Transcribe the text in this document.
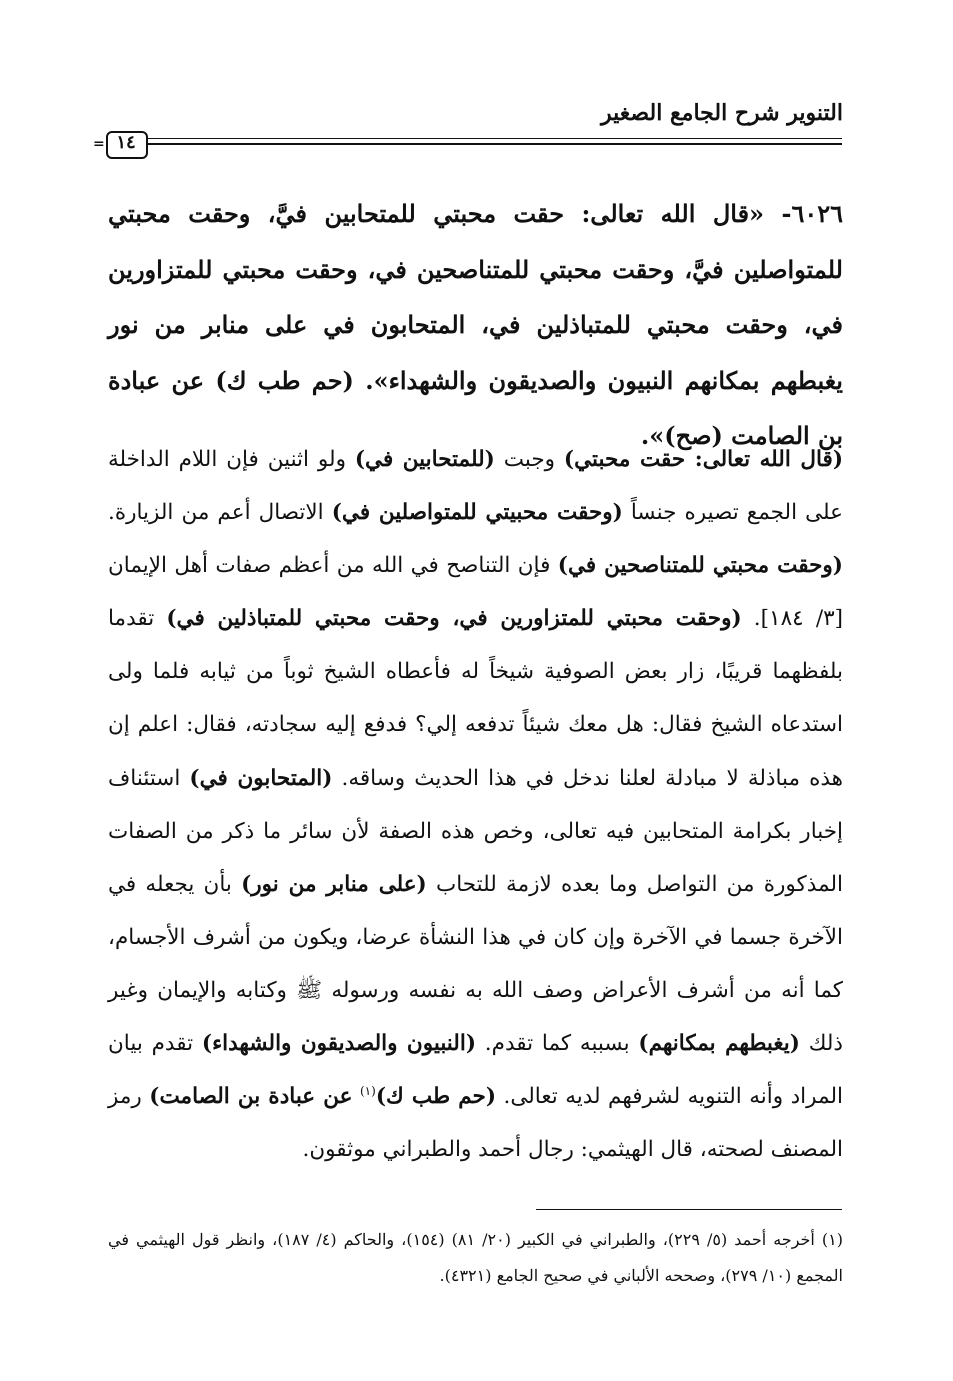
التنوير شرح الجامع الصغير
١٤
=
٦٠٢٦- «قال الله تعالى: حقت محبتي للمتحابين فيَّ، وحقت محبتي للمتواصلين فيَّ، وحقت محبتي للمتناصحين في، وحقت محبتي للمتزاورين في، وحقت محبتي للمتباذلين في، المتحابون في على منابر من نور يغبطهم بمكانهم النبيون والصديقون والشهداء». (حم طب ك) عن عبادة بن الصامت (صح)».
(قال الله تعالى: حقت محبتي) وجبت (للمتحابين في) ولو اثنين فإن اللام الداخلة على الجمع تصيره جنساً (وحقت محبيتي للمتواصلين في) الاتصال أعم من الزيارة. (وحقت محبتي للمتناصحين في) فإن التناصح في الله من أعظم صفات أهل الإيمان [٣/ ١٨٤]. (وحقت محبتي للمتزاورين في، وحقت محبتي للمتباذلين في) تقدما بلفظهما قريبًا، زار بعض الصوفية شيخاً له فأعطاه الشيخ ثوباً من ثيابه فلما ولى استدعاه الشيخ فقال: هل معك شيئاً تدفعه إلي؟ فدفع إليه سجادته، فقال: اعلم إن هذه مباذلة لا مبادلة لعلنا ندخل في هذا الحديث وساقه. (المتحابون في) استئناف إخبار بكرامة المتحابين فيه تعالى، وخص هذه الصفة لأن سائر ما ذكر من الصفات المذكورة من التواصل وما بعده لازمة للتحاب (على منابر من نور) بأن يجعله في الآخرة جسما في الآخرة وإن كان في هذا النشأة عرضا، ويكون من أشرف الأجسام، كما أنه من أشرف الأعراض وصف الله به نفسه ورسوله ﷺ وكتابه والإيمان وغير ذلك (يغبطهم بمكانهم) بسببه كما تقدم. (النبيون والصديقون والشهداء) تقدم بيان المراد وأنه التنويه لشرفهم لديه تعالى. (حم طب ك)$^{(١)}$ عن عبادة بن الصامت) رمز المصنف لصحته، قال الهيثمي: رجال أحمد والطبراني موثقون.
(١) أخرجه أحمد (٥/ ٢٢٩)، والطبراني في الكبير (٢٠/ ٨١) (١٥٤)، والحاكم (٤/ ١٨٧)، وانظر قول الهيثمي في المجمع (١٠/ ٢٧٩)، وصححه الألباني في صحيح الجامع (٤٣٢١).
